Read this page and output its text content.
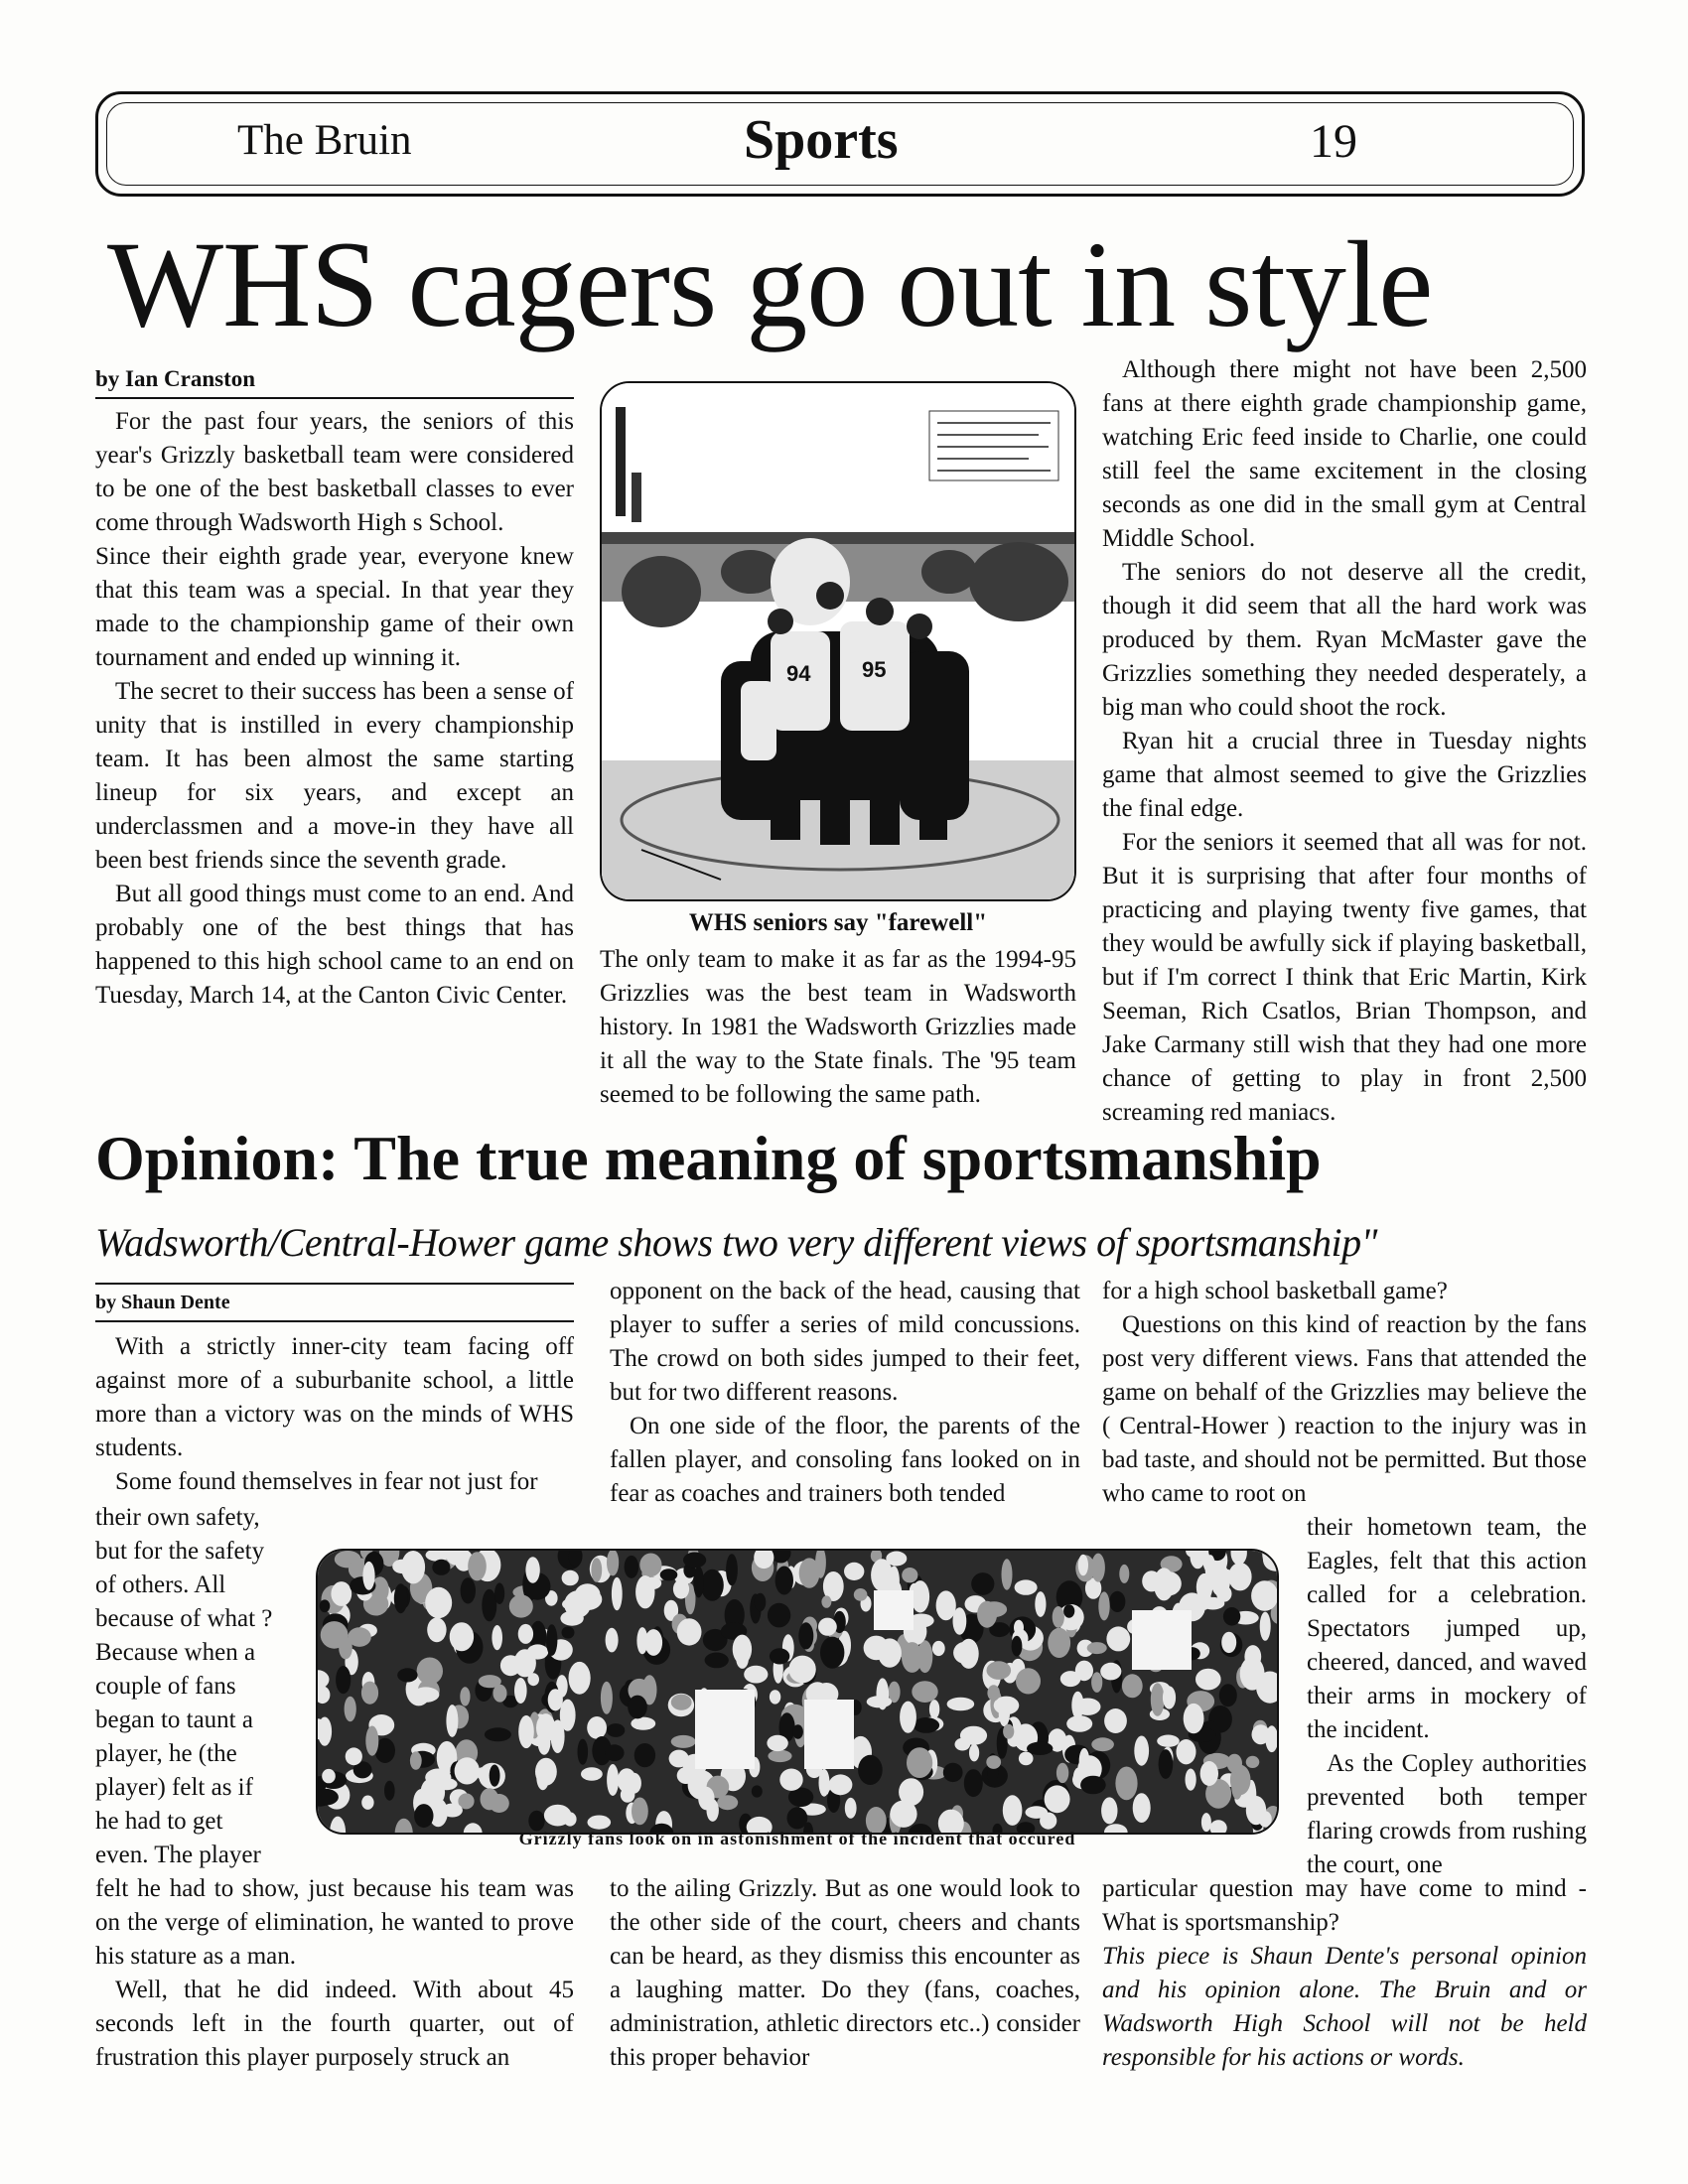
The Bruin	Sports	19
WHS cagers go out in style
by Ian Cranston

For the past four years, the seniors of this year's Grizzly basketball team were considered to be one of the best basketball classes to ever come through Wadsworth High s School.

Since their eighth grade year, everyone knew that this team was a special. In that year they made to the championship game of their own tournament and ended up winning it.

The secret to their success has been a sense of unity that is instilled in every championship team. It has been almost the same starting lineup for six years, and except an underclassmen and a move-in they have all been best friends since the seventh grade.

But all good things must come to an end. And probably one of the best things that has happened to this high school came to an end on Tuesday, March 14, at the Canton Civic Center.

94 95
WHS seniors say "farewell"

The only team to make it as far as the 1994-95 Grizzlies was the best team in Wadsworth history. In 1981 the Wadsworth Grizzlies made it all the way to the State finals. The '95 team seemed to be following the same path.

Although there might not have been 2,500 fans at there eighth grade championship game, watching Eric feed inside to Charlie, one could still feel the same excitement in the closing seconds as one did in the small gym at Central Middle School.

The seniors do not deserve all the credit, though it did seem that all the hard work was produced by them. Ryan McMaster gave the Grizzlies something they needed desperately, a big man who could shoot the rock.

Ryan hit a crucial three in Tuesday nights game that almost seemed to give the Grizzlies the final edge.

For the seniors it seemed that all was for not. But it is surprising that after four months of practicing and playing twenty five games, that they would be awfully sick if playing basketball, but if I'm correct I think that Eric Martin, Kirk Seeman, Rich Csatlos, Brian Thompson, and Jake Carmany still wish that they had one more chance of getting to play in front 2,500 screaming red maniacs.

Opinion: The true meaning of sportsmanship
Wadsworth/Central-Hower game shows two very different views of sportsmanship"
by Shaun Dente

With a strictly inner-city team facing off against more of a suburbanite school, a little more than a victory was on the minds of WHS students.

Some found themselves in fear not just for

their own safety, but for the safety of others. All because of what ? Because when a couple of fans began to taunt a player, he (the player) felt as if he had to get even. The player

felt he had to show, just because his team was on the verge of elimination, he wanted to prove his stature as a man.

Well, that he did indeed. With about 45 seconds left in the fourth quarter, out of frustration this player purposely struck an

opponent on the back of the head, causing that player to suffer a series of mild concussions. The crowd on both sides jumped to their feet, but for two different reasons.

On one side of the floor, the parents of the fallen player, and consoling fans looked on in fear as coaches and trainers both tended

to the ailing Grizzly. But as one would look to the other side of the court, cheers and chants can be heard, as they dismiss this encounter as a laughing matter. Do they (fans, coaches, administration, athletic directors etc..) consider this proper behavior

for a high school basketball game?

Questions on this kind of reaction by the fans post very different views. Fans that attended the game on behalf of the Grizzlies may believe the ( Central-Hower ) reaction to the injury was in bad taste, and should not be permitted. But those who came to root on

their hometown team, the Eagles, felt that this action called for a celebration. Spectators jumped up, cheered, danced, and waved their arms in mockery of the incident.

As the Copley authorities prevented both temper flaring crowds from rushing the court, one

particular question may have come to mind - What is sportsmanship?

This piece is Shaun Dente's personal opinion and his opinion alone. The Bruin and or Wadsworth High School will not be held responsible for his actions or words.

Grizzly fans look on in astonishment of the incident that occured
